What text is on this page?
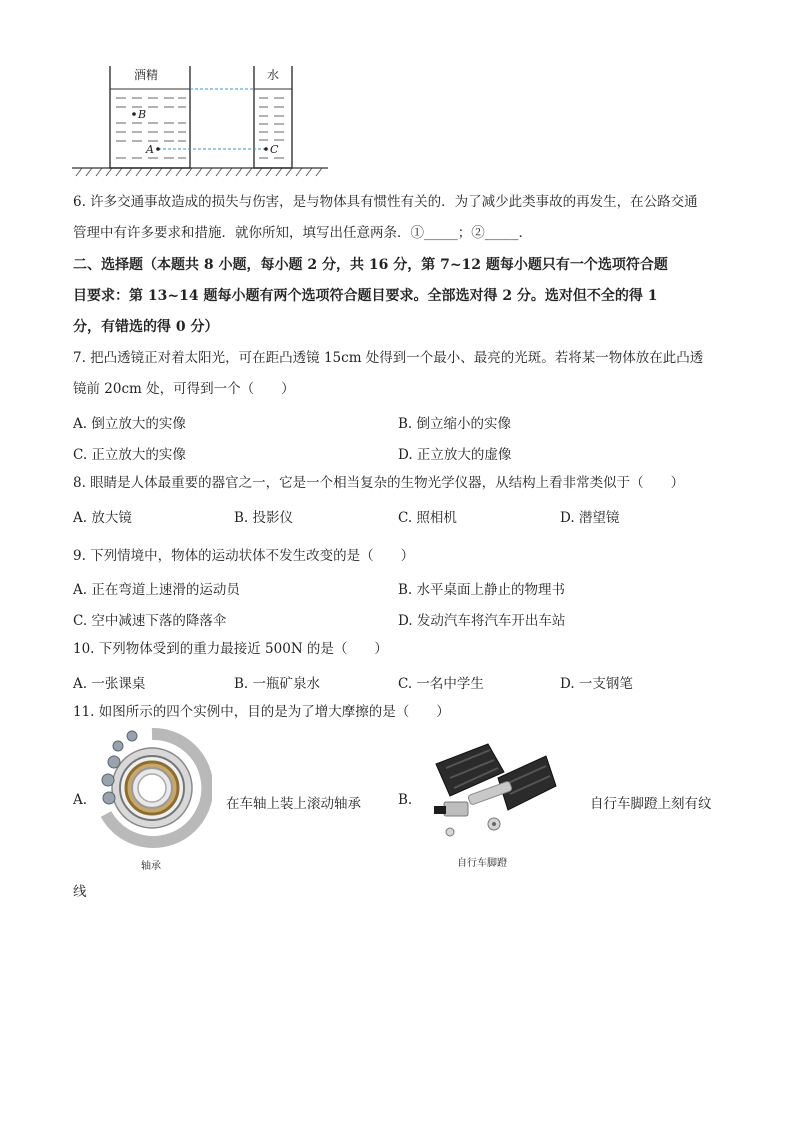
酒精	水
B
A	C
6. 许多交通事故造成的损失与伤害，是与物体具有惯性有关的．为了减少此类事故的再发生，在公路交通
管理中有许多要求和措施．就你所知，填写出任意两条．①_____；②_____．
二、选择题（本题共 8 小题，每小题 2 分，共 16 分，第 7~12 题每小题只有一个选项符合题
目要求：第 13~14 题每小题有两个选项符合题目要求。全部选对得 2 分。选对但不全的得 1
分，有错选的得 0 分）
7. 把凸透镜正对着太阳光，可在距凸透镜 15cm 处得到一个最小、最亮的光斑。若将某一物体放在此凸透
镜前 20cm 处，可得到一个（　　）
A. 倒立放大的实像	B. 倒立缩小的实像
C. 正立放大的实像	D. 正立放大的虚像
8. 眼睛是人体最重要的器官之一，它是一个相当复杂的生物光学仪器，从结构上看非常类似于（　　）
A. 放大镜	B. 投影仪	C. 照相机	D. 潜望镜
9. 下列情境中，物体的运动状体不发生改变的是（　　）
A. 正在弯道上速滑的运动员	B. 水平桌面上静止的物理书
C. 空中减速下落的降落伞	D. 发动汽车将汽车开出车站
10. 下列物体受到的重力最接近 500N 的是（　　）
A. 一张课桌	B. 一瓶矿泉水	C. 一名中学生	D. 一支钢笔
11. 如图所示的四个实例中，目的是为了增大摩擦的是（　　）
A.	在车轴上装上滚动轴承
轴承
B.	自行车脚蹬上刻有纹
自行车脚蹬
线
